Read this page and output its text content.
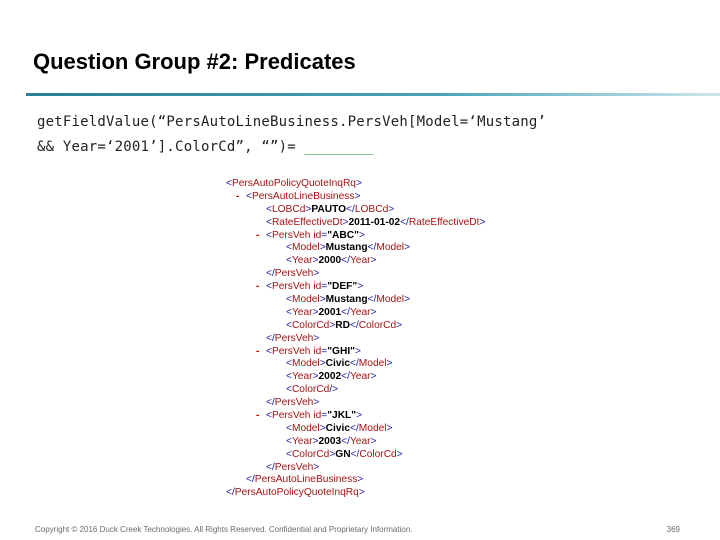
Question Group #2: Predicates
getFieldValue(“PersAutoLineBusiness.PersVeh[Model=‘Mustang’
&& Year=‘2001’].ColorCd”, “”)= ________
<PersAutoPolicyQuoteInqRq>
- <PersAutoLineBusiness>
<LOBCd>PAUTO</LOBCd>
<RateEffectiveDt>2011-01-02</RateEffectiveDt>
- <PersVeh id="ABC">
<Model>Mustang</Model>
<Year>2000</Year>
</PersVeh>
- <PersVeh id="DEF">
<Model>Mustang</Model>
<Year>2001</Year>
<ColorCd>RD</ColorCd>
</PersVeh>
- <PersVeh id="GHI">
<Model>Civic</Model>
<Year>2002</Year>
<ColorCd/>
</PersVeh>
- <PersVeh id="JKL">
<Model>Civic</Model>
<Year>2003</Year>
<ColorCd>GN</ColorCd>
</PersVeh>
</PersAutoLineBusiness>
</PersAutoPolicyQuoteInqRq>
Copyright © 2016 Duck Creek Technologies. All Rights Reserved. Confidential and Proprietary Information.	369
